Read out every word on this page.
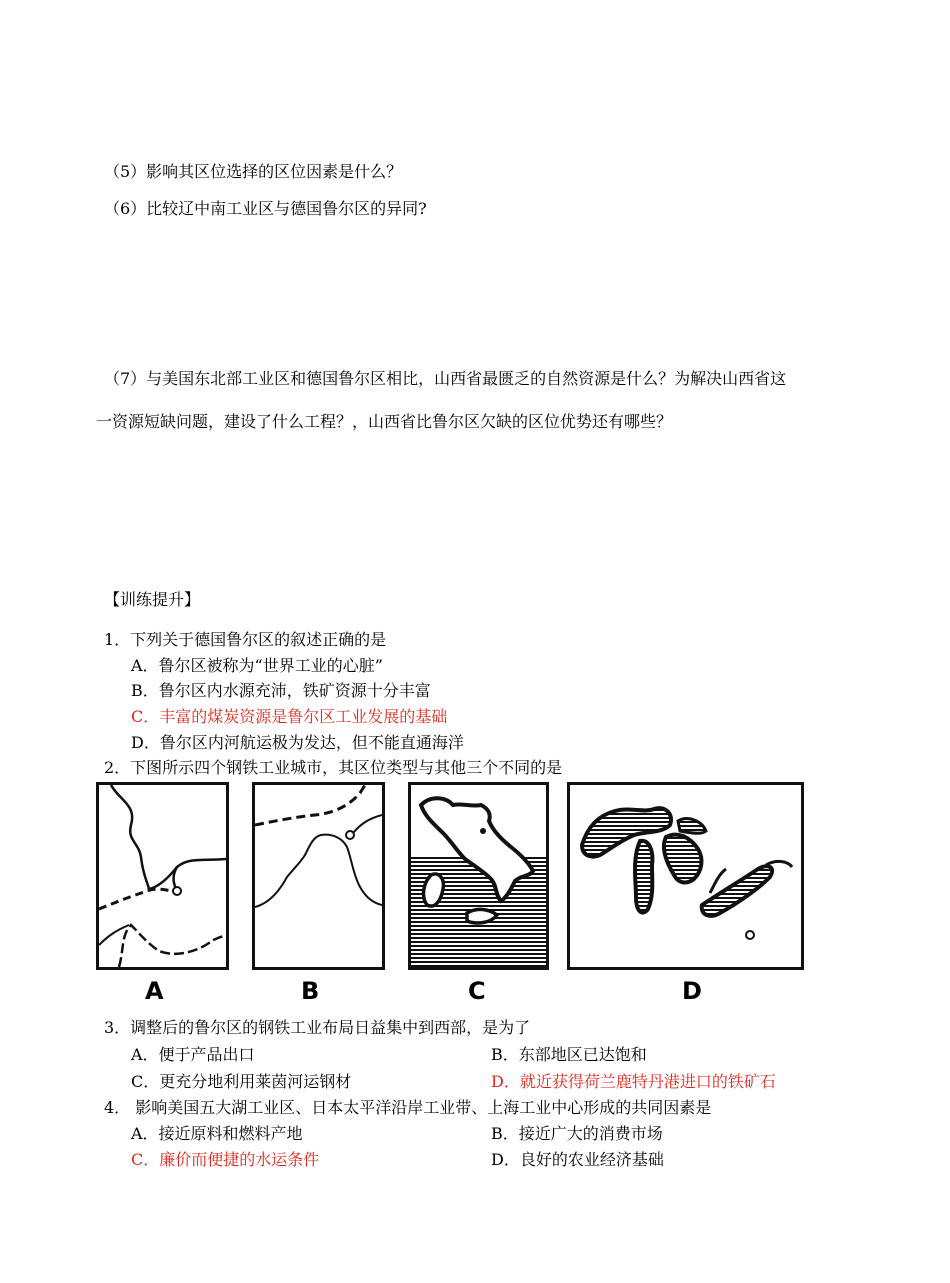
（5）影响其区位选择的区位因素是什么？
（6）比较辽中南工业区与德国鲁尔区的异同?
（7）与美国东北部工业区和德国鲁尔区相比，山西省最匮乏的自然资源是什么？为解决山西省这
一资源短缺问题，建设了什么工程？，山西省比鲁尔区欠缺的区位优势还有哪些？
【训练提升】
1．下列关于德国鲁尔区的叙述正确的是
A．鲁尔区被称为“世界工业的心脏”
B．鲁尔区内水源充沛，铁矿资源十分丰富
C．丰富的煤炭资源是鲁尔区工业发展的基础
D．鲁尔区内河航运极为发达，但不能直通海洋
2．下图所示四个钢铁工业城市，其区位类型与其他三个不同的是
A	B	C	D
3．调整后的鲁尔区的钢铁工业布局日益集中到西部，是为了
A．便于产品出口	B．东部地区已达饱和
C．更充分地利用莱茵河运钢材	D．就近获得荷兰鹿特丹港进口的铁矿石
4． 影响美国五大湖工业区、日本太平洋沿岸工业带、上海工业中心形成的共同因素是
A．接近原料和燃料产地	B．接近广大的消费市场
C．廉价而便捷的水运条件	D．良好的农业经济基础
